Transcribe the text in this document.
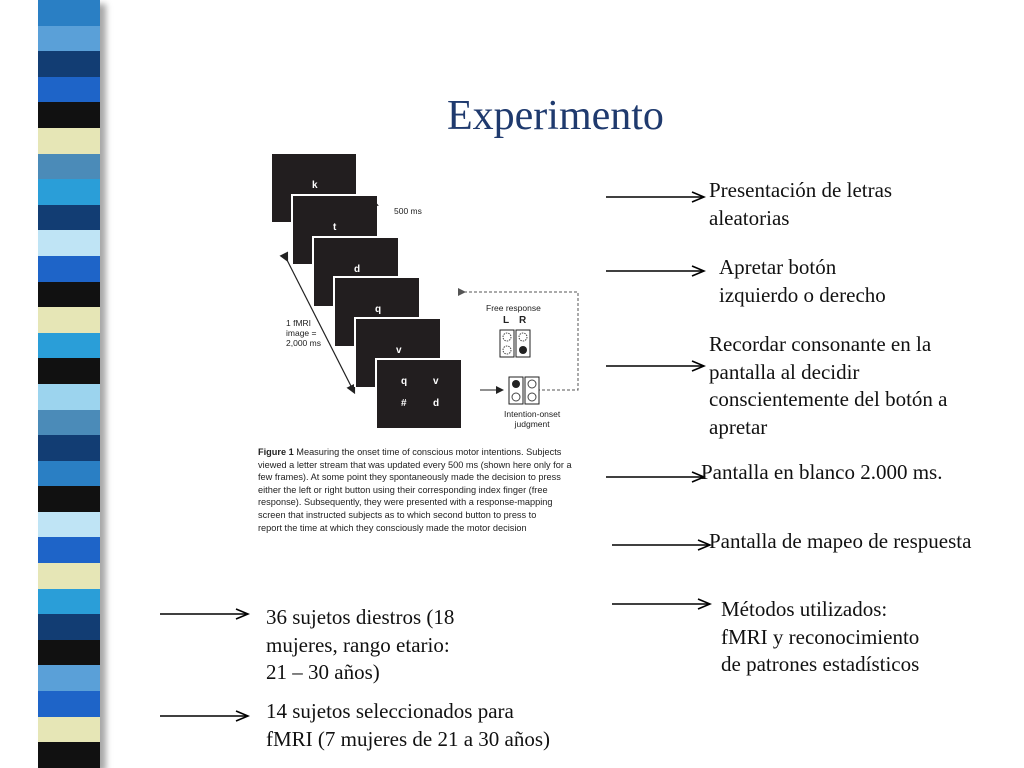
Experimento
k
t
d
q
v
q	v
#	d
500 ms
1 fMRI
image =
2,000 ms
Free response
L R
Intention-onset
judgment
Figure 1 Measuring the onset time of conscious motor intentions. Subjects
viewed a letter stream that was updated every 500 ms (shown here only for a
few frames). At some point they spontaneously made the decision to press
either the left or right button using their corresponding index finger (free
response). Subsequently, they were presented with a response-mapping
screen that instructed subjects as to which second button to press to
report the time at which they consciously made the motor decision
Presentación de letras
aleatorias
Apretar botón
izquierdo o derecho
Recordar consonante en la
pantalla al decidir
conscientemente del botón a
apretar
Pantalla en blanco 2.000 ms.
Pantalla de mapeo de respuesta
Métodos utilizados:
fMRI y reconocimiento
de patrones estadísticos
36 sujetos diestros (18
mujeres, rango etario:
21 – 30 años)
14 sujetos seleccionados para
fMRI (7 mujeres de 21 a 30 años)
